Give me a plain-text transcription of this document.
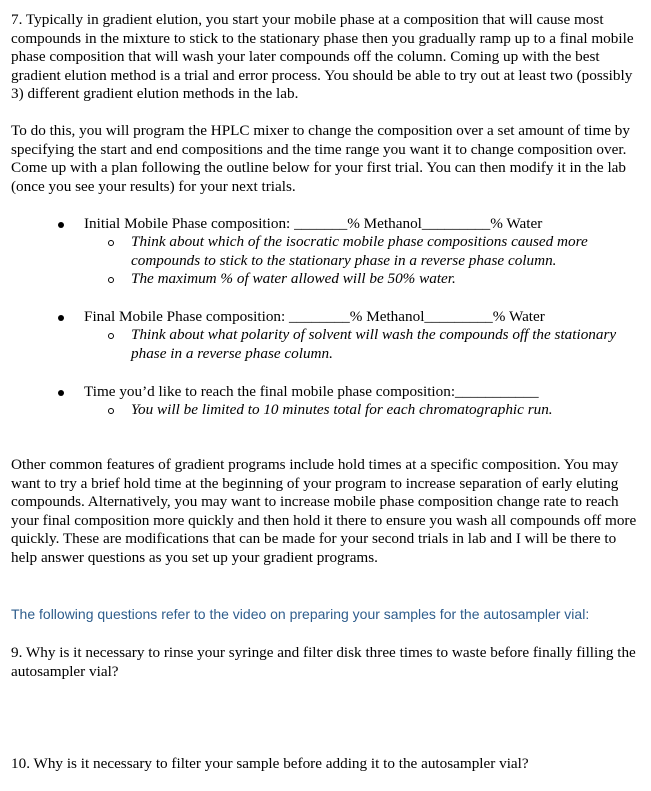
7. Typically in gradient elution, you start your mobile phase at a composition that will cause most compounds in the mixture to stick to the stationary phase then you gradually ramp up to a final mobile phase composition that will wash your later compounds off the column. Coming up with the best gradient elution method is a trial and error process. You should be able to try out at least two (possibly 3) different gradient elution methods in the lab.

To do this, you will program the HPLC mixer to change the composition over a set amount of time by specifying the start and end compositions and the time range you want it to change composition over. Come up with a plan following the outline below for your first trial. You can then modify it in the lab (once you see your results) for your next trials.

Initial Mobile Phase composition: _______% Methanol_________% Water

Think about which of the isocratic mobile phase compositions caused more compounds to stick to the stationary phase in a reverse phase column.

The maximum % of water allowed will be 50% water.

Final Mobile Phase composition: ________% Methanol_________% Water

Think about what polarity of solvent will wash the compounds off the stationary phase in a reverse phase column.

Time you’d like to reach the final mobile phase composition:___________

You will be limited to 10 minutes total for each chromatographic run.

Other common features of gradient programs include hold times at a specific composition. You may want to try a brief hold time at the beginning of your program to increase separation of early eluting compounds. Alternatively, you may want to increase mobile phase composition change rate to reach your final composition more quickly and then hold it there to ensure you wash all compounds off more quickly. These are modifications that can be made for your second trials in lab and I will be there to help answer questions as you set up your gradient programs.

The following questions refer to the video on preparing your samples for the autosampler vial:

9. Why is it necessary to rinse your syringe and filter disk three times to waste before finally filling the autosampler vial?

10. Why is it necessary to filter your sample before adding it to the autosampler vial?
